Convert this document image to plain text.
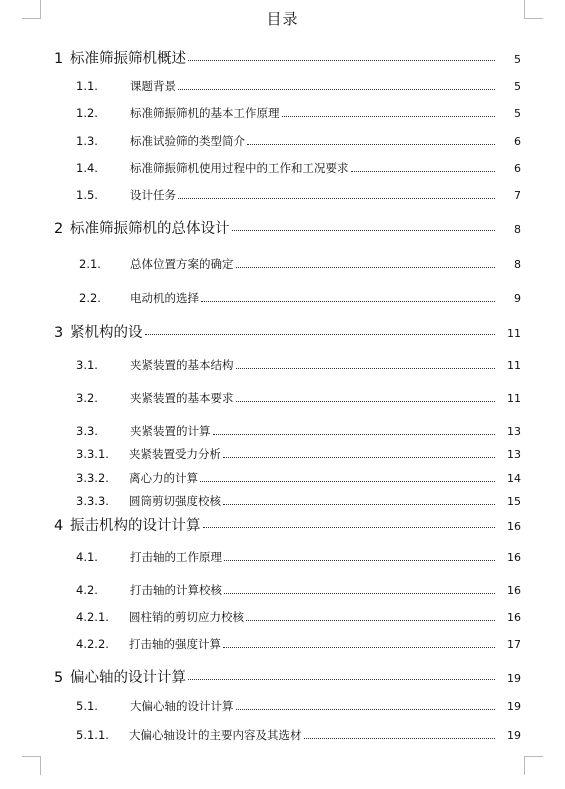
目录
1 标准筛振筛机概述	5
1.1.	课题背景	5
1.2.	标准筛振筛机的基本工作原理	5
1.3.	标准试验筛的类型简介	6
1.4.	标准筛振筛机使用过程中的工作和工况要求	6
1.5.	设计任务	7
2 标准筛振筛机的总体设计	8
2.1.	总体位置方案的确定	8
2.2.	电动机的选择	9
3 紧机构的设	11
3.1.	夹紧装置的基本结构	11
3.2.	夹紧装置的基本要求	11
3.3.	夹紧装置的计算	13
3.3.1.	夹紧装置受力分析	13
3.3.2.	离心力的计算	14
3.3.3.	圆筒剪切强度校核	15
4 振击机构的设计计算	16
4.1.	打击轴的工作原理	16
4.2.	打击轴的计算校核	16
4.2.1.	圆柱销的剪切应力校核	16
4.2.2.	打击轴的强度计算	17
5 偏心轴的设计计算	19
5.1.	大偏心轴的设计计算	19
5.1.1.	大偏心轴设计的主要内容及其选材	19
